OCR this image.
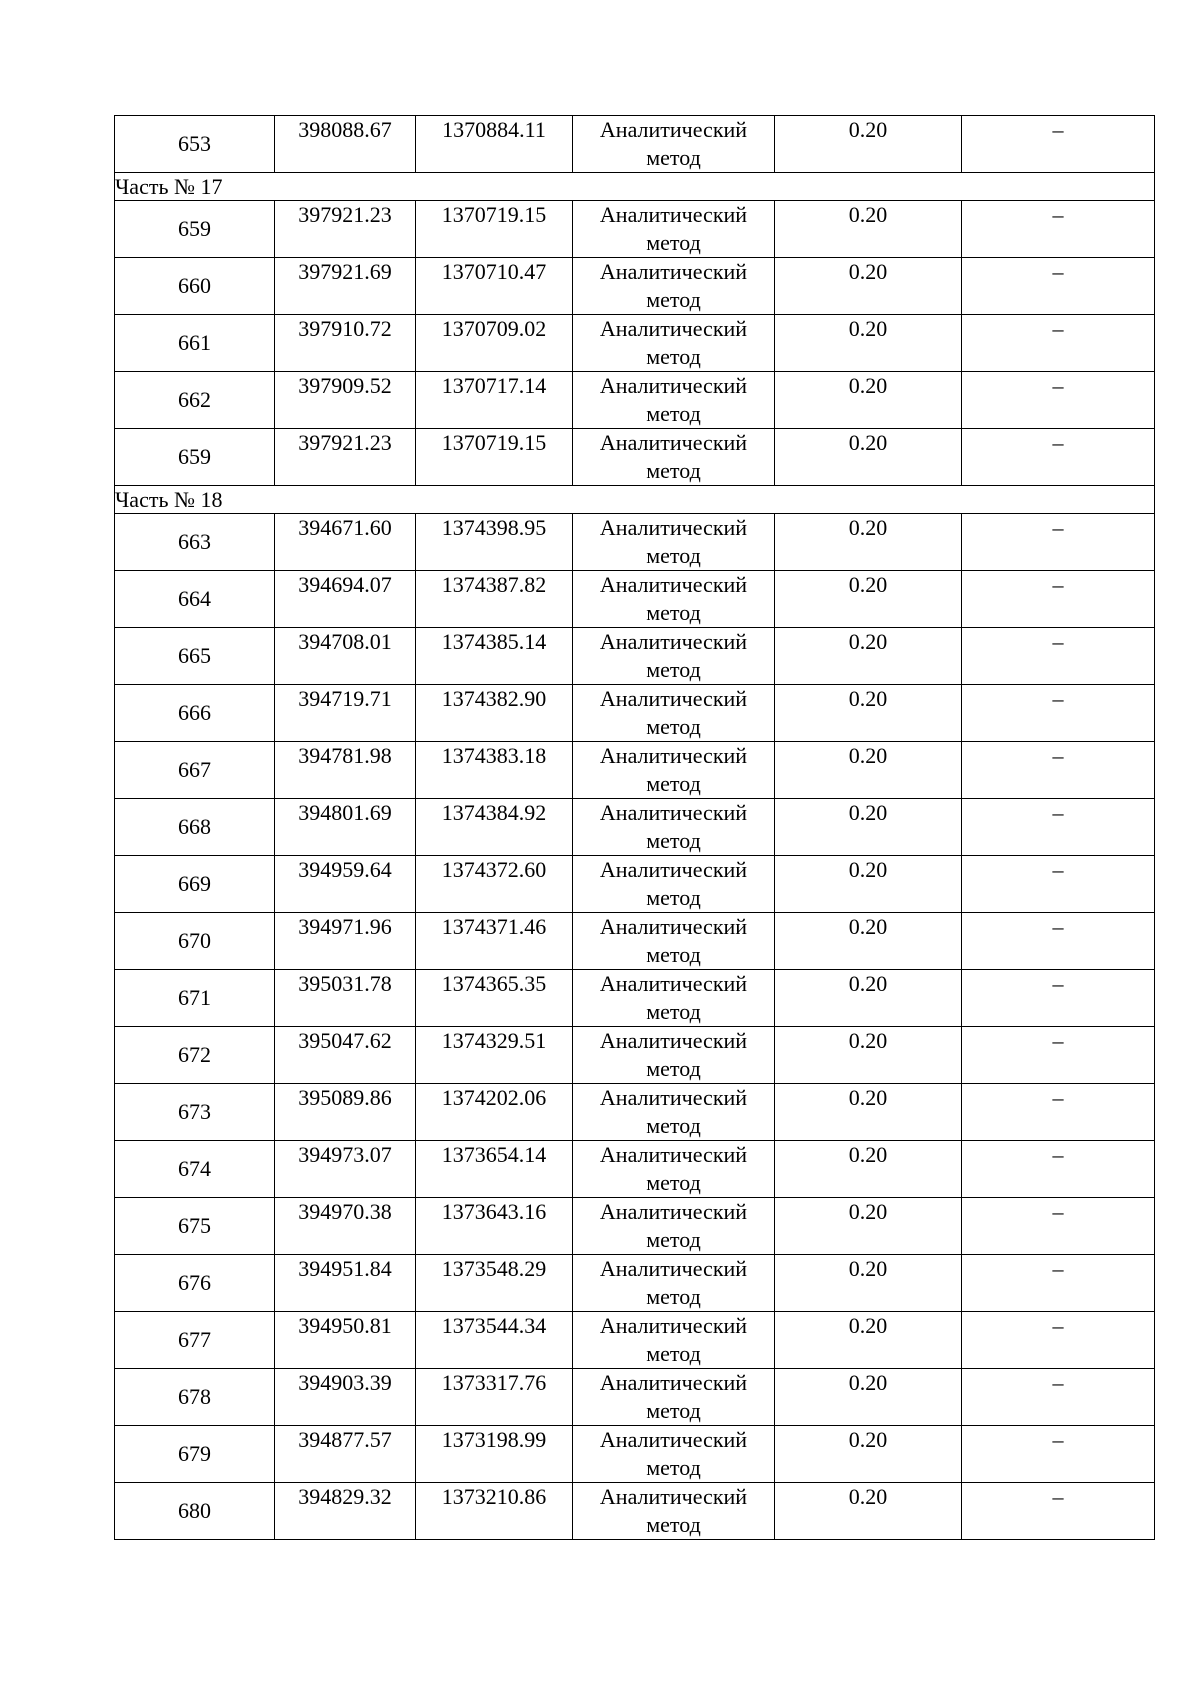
653	398088.67	1370884.11	Аналитический
метод	0.20	–
Часть № 17					
659	397921.23	1370719.15	Аналитический
метод	0.20	–
660	397921.69	1370710.47	Аналитический
метод	0.20	–
661	397910.72	1370709.02	Аналитический
метод	0.20	–
662	397909.52	1370717.14	Аналитический
метод	0.20	–
659	397921.23	1370719.15	Аналитический
метод	0.20	–
Часть № 18					
663	394671.60	1374398.95	Аналитический
метод	0.20	–
664	394694.07	1374387.82	Аналитический
метод	0.20	–
665	394708.01	1374385.14	Аналитический
метод	0.20	–
666	394719.71	1374382.90	Аналитический
метод	0.20	–
667	394781.98	1374383.18	Аналитический
метод	0.20	–
668	394801.69	1374384.92	Аналитический
метод	0.20	–
669	394959.64	1374372.60	Аналитический
метод	0.20	–
670	394971.96	1374371.46	Аналитический
метод	0.20	–
671	395031.78	1374365.35	Аналитический
метод	0.20	–
672	395047.62	1374329.51	Аналитический
метод	0.20	–
673	395089.86	1374202.06	Аналитический
метод	0.20	–
674	394973.07	1373654.14	Аналитический
метод	0.20	–
675	394970.38	1373643.16	Аналитический
метод	0.20	–
676	394951.84	1373548.29	Аналитический
метод	0.20	–
677	394950.81	1373544.34	Аналитический
метод	0.20	–
678	394903.39	1373317.76	Аналитический
метод	0.20	–
679	394877.57	1373198.99	Аналитический
метод	0.20	–
680	394829.32	1373210.86	Аналитический
метод	0.20	–
